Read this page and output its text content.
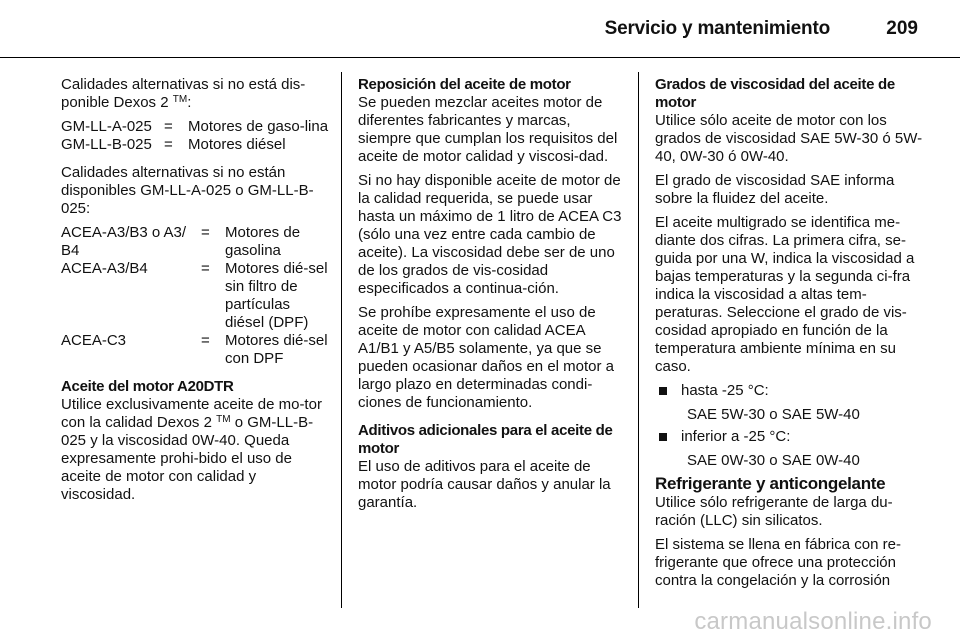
Servicio y mantenimiento	209

Calidades alternativas si no está dis-ponible Dexos 2 ™:

GM-LL-A-025	=	Motores de gaso-lina
GM-LL-B-025	=	Motores diésel

Calidades alternativas si no están disponibles GM-LL-A-025 o GM-LL-B-025:

ACEA-A3/B3 o A3/ B4	=	Motores de gasolina
ACEA-A3/B4	=	Motores dié-sel sin filtro de partículas diésel (DPF)
ACEA-C3	=	Motores dié-sel con DPF
Aceite del motor A20DTR

Utilice exclusivamente aceite de mo-tor con la calidad Dexos 2 ™ o GM-LL-B-025 y la viscosidad 0W-40. Queda expresamente prohi-bido el uso de aceite de motor con calidad y viscosidad.

Reposición del aceite de motor

Se pueden mezclar aceites motor de diferentes fabricantes y marcas, siempre que cumplan los requisitos del aceite de motor calidad y viscosi-dad.

Si no hay disponible aceite de motor de la calidad requerida, se puede usar hasta un máximo de 1 litro de ACEA C3 (sólo una vez entre cada cambio de aceite). La viscosidad debe ser de uno de los grados de vis-cosidad especificados a continua-ción.

Se prohíbe expresamente el uso de aceite de motor con calidad ACEA A1/B1 y A5/B5 solamente, ya que se pueden ocasionar daños en el motor a largo plazo en determinadas condi-ciones de funcionamiento.

Aditivos adicionales para el aceite de motor

El uso de aditivos para el aceite de motor podría causar daños y anular la garantía.

Grados de viscosidad del aceite de motor

Utilice sólo aceite de motor con los grados de viscosidad SAE 5W-30 ó 5W-40, 0W-30 ó 0W-40.

El grado de viscosidad SAE informa sobre la fluidez del aceite.

El aceite multigrado se identifica me-diante dos cifras. La primera cifra, se-guida por una W, indica la viscosidad a bajas temperaturas y la segunda ci-fra indica la viscosidad a altas tem-peraturas. Seleccione el grado de vis-cosidad apropiado en función de la temperatura ambiente mínima en su caso.

hasta -25 °C:
SAE 5W-30 o SAE 5W-40
inferior a -25 °C:
SAE 0W-30 o SAE 0W-40
Refrigerante y anticongelante

Utilice sólo refrigerante de larga du-ración (LLC) sin silicatos.

El sistema se llena en fábrica con re-frigerante que ofrece una protección contra la congelación y la corrosión

carmanualsonline.info
